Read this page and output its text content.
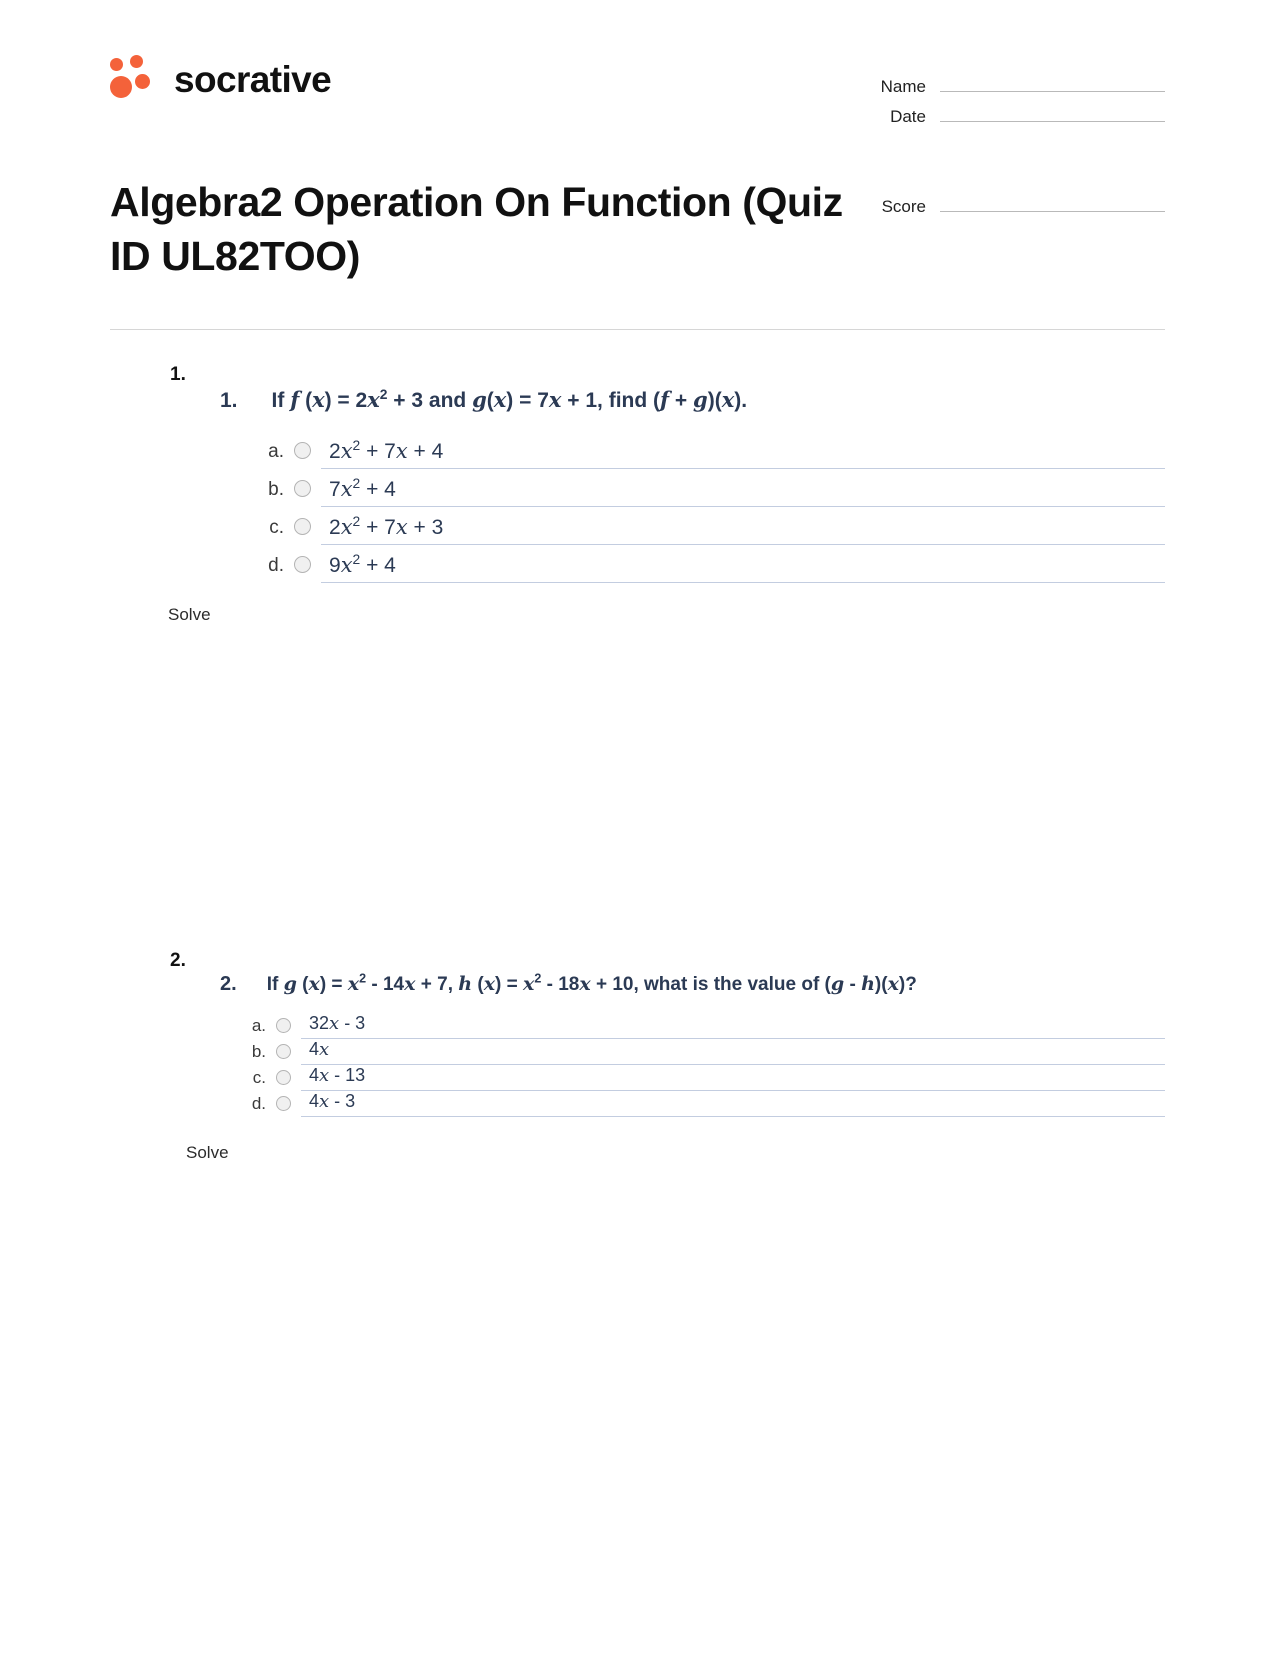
socrative	Name
Date
Score
Algebra2 Operation On Function (Quiz ID UL82TOO)
1.
1. If f $(x) = 2x^2 + 3$ and g(x) = 7x + 1, find (f + g)(x).
a.	$2x^2 + 7x + 4$
b.	$7x^2 + 4$
c.	$2x^2 + 7x + 3$
d.	$9x^2 + 4$
Solve
2.
2. If g $(x) = x^2 - 14x + 7$, h $(x) = x^2 - 18x + 10$, what is the value of (g - h)(x)?
a.	32x - 3
b.	4x
c.	4x - 13
d.	4x - 3
Solve
